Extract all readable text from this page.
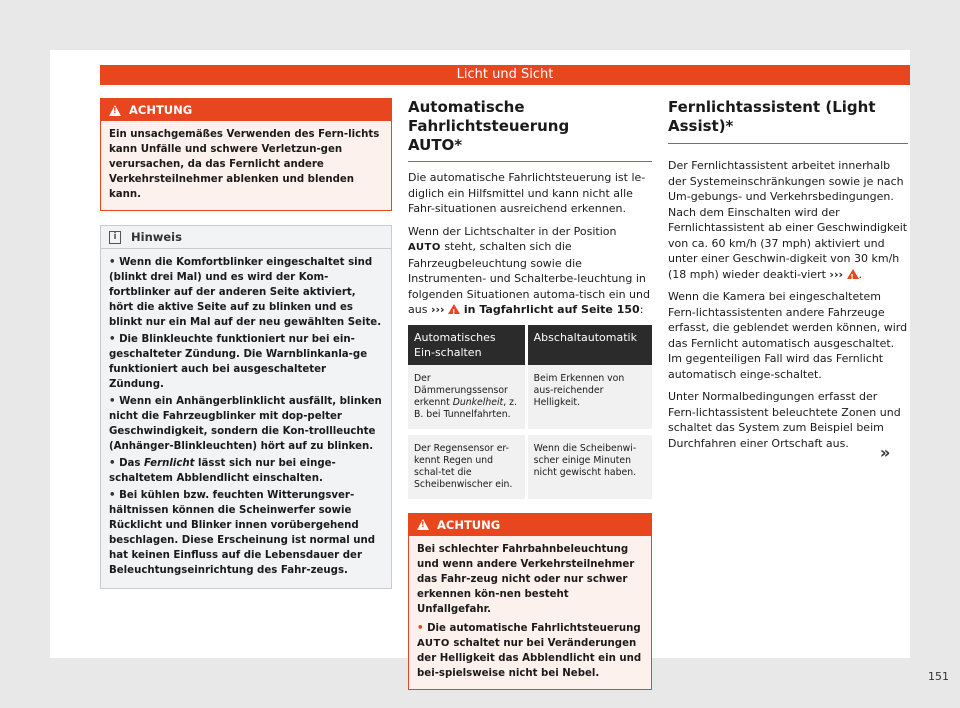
Licht und Sicht
!
ACHTUNG
Ein unsachgemäßes Verwenden des Fern-lichts kann Unfälle und schwere Verletzun-gen verursachen, da das Fernlicht andere Verkehrsteilnehmer ablenken und blenden kann.
i	Hinweis
• Wenn die Komfortblinker eingeschaltet sind (blinkt drei Mal) und es wird der Kom-fortblinker auf der anderen Seite aktiviert, hört die aktive Seite auf zu blinken und es blinkt nur ein Mal auf der neu gewählten Seite.
• Die Blinkleuchte funktioniert nur bei ein-geschalteter Zündung. Die Warnblinkanla-ge funktioniert auch bei ausgeschalteter Zündung.
• Wenn ein Anhängerblinklicht ausfällt, blinken nicht die Fahrzeugblinker mit dop-pelter Geschwindigkeit, sondern die Kon-trollleuchte (Anhänger-Blinkleuchten) hört auf zu blinken.
• Das Fernlicht lässt sich nur bei einge-schaltetem Abblendlicht einschalten.
• Bei kühlen bzw. feuchten Witterungsver-hältnissen können die Scheinwerfer sowie Rücklicht und Blinker innen vorübergehend beschlagen. Diese Erscheinung ist normal und hat keinen Einfluss auf die Lebensdauer der Beleuchtungseinrichtung des Fahr-zeugs.
Automatische Fahrlichtsteuerung
AUTO*

Die automatische Fahrlichtsteuerung ist le-diglich ein Hilfsmittel und kann nicht alle Fahr-situationen ausreichend erkennen.

Wenn der Lichtschalter in der Position AUTO steht, schalten sich die Fahrzeugbeleuchtung sowie die Instrumenten- und Schalterbe-leuchtung in folgenden Situationen automa-tisch ein und aus ››› ! in Tagfahrlicht auf Seite 150:

Automatisches Ein-schalten	Abschaltautomatik
Der Dämmerungssensor erkennt Dunkelheit, z. B. bei Tunnelfahrten.	Beim Erkennen von aus-reichender Helligkeit.
Der Regensensor er-kennt Regen und schal-tet die Scheibenwischer ein.	Wenn die Scheibenwi-scher einige Minuten nicht gewischt haben.
!
ACHTUNG
Bei schlechter Fahrbahnbeleuchtung und wenn andere Verkehrsteilnehmer das Fahr-zeug nicht oder nur schwer erkennen kön-nen besteht Unfallgefahr.
• Die automatische Fahrlichtsteuerung AUTO schaltet nur bei Veränderungen der Helligkeit das Abblendlicht ein und bei-spielsweise nicht bei Nebel.
Fernlichtassistent (Light Assist)*

Der Fernlichtassistent arbeitet innerhalb der Systemeinschränkungen sowie je nach Um-gebungs- und Verkehrsbedingungen. Nach dem Einschalten wird der Fernlichtassistent ab einer Geschwindigkeit von ca. 60 km/h (37 mph) aktiviert und unter einer Geschwin-digkeit von 30 km/h (18 mph) wieder deakti-viert ››› ! .

Wenn die Kamera bei eingeschaltetem Fern-lichtassistenten andere Fahrzeuge erfasst, die geblendet werden können, wird das Fernlicht automatisch ausgeschaltet. Im gegenteiligen Fall wird das Fernlicht automatisch einge-schaltet.

Unter Normalbedingungen erfasst der Fern-lichtassistent beleuchtete Zonen und schaltet das System zum Beispiel beim Durchfahren einer Ortschaft aus.	»
151
